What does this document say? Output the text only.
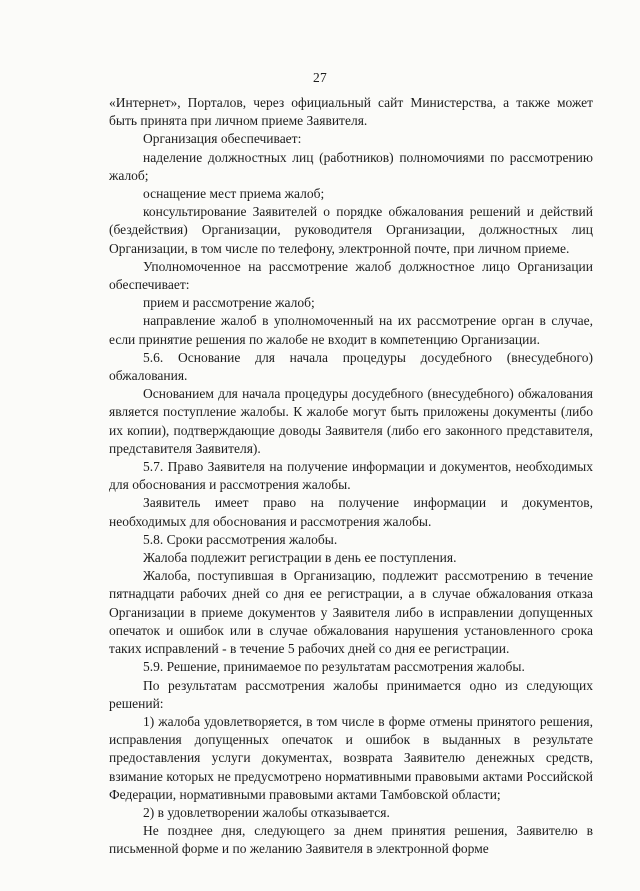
27

«Интернет», Порталов, через официальный сайт Министерства, а также может быть принята при личном приеме Заявителя.

Организация обеспечивает:

наделение должностных лиц (работников) полномочиями по рассмотрению жалоб;

оснащение мест приема жалоб;

консультирование Заявителей о порядке обжалования решений и действий (бездействия) Организации, руководителя Организации, должностных лиц Организации, в том числе по телефону, электронной почте, при личном приеме.

Уполномоченное на рассмотрение жалоб должностное лицо Организации обеспечивает:

прием и рассмотрение жалоб;

направление жалоб в уполномоченный на их рассмотрение орган в случае, если принятие решения по жалобе не входит в компетенцию Организации.

5.6. Основание для начала процедуры досудебного (внесудебного) обжалования.

Основанием для начала процедуры досудебного (внесудебного) обжалования является поступление жалобы. К жалобе могут быть приложены документы (либо их копии), подтверждающие доводы Заявителя (либо его законного представителя, представителя Заявителя).

5.7. Право Заявителя на получение информации и документов, необходимых для обоснования и рассмотрения жалобы.

Заявитель имеет право на получение информации и документов, необходимых для обоснования и рассмотрения жалобы.

5.8. Сроки рассмотрения жалобы.

Жалоба подлежит регистрации в день ее поступления.

Жалоба, поступившая в Организацию, подлежит рассмотрению в течение пятнадцати рабочих дней со дня ее регистрации, а в случае обжалования отказа Организации в приеме документов у Заявителя либо в исправлении допущенных опечаток и ошибок или в случае обжалования нарушения установленного срока таких исправлений - в течение 5 рабочих дней со дня ее регистрации.

5.9. Решение, принимаемое по результатам рассмотрения жалобы.

По результатам рассмотрения жалобы принимается одно из следующих решений:

1) жалоба удовлетворяется, в том числе в форме отмены принятого решения, исправления допущенных опечаток и ошибок в выданных в результате предоставления услуги документах, возврата Заявителю денежных средств, взимание которых не предусмотрено нормативными правовыми актами Российской Федерации, нормативными правовыми актами Тамбовской области;

2) в удовлетворении жалобы отказывается.

Не позднее дня, следующего за днем принятия решения, Заявителю в письменной форме и по желанию Заявителя в электронной форме
